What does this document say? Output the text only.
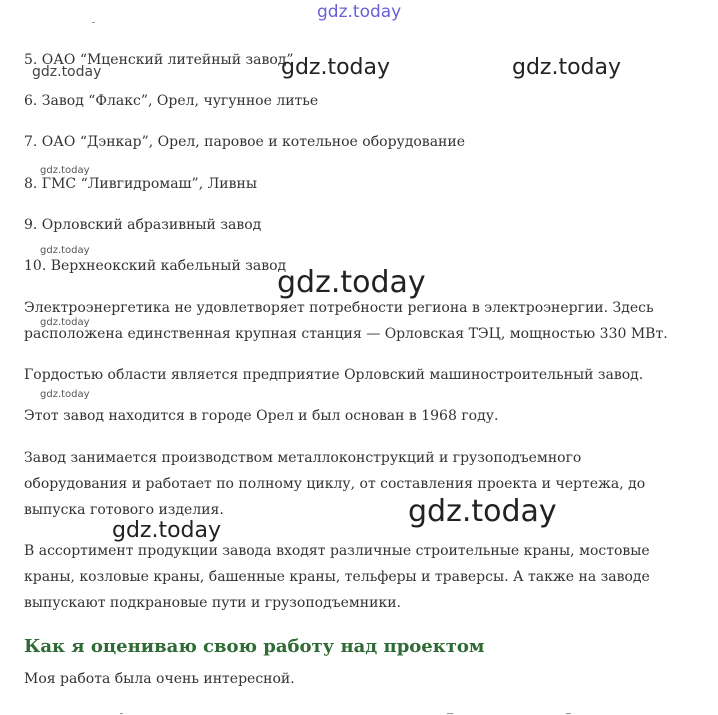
gdz.today
5. ОАО “Мценский литейный завод”
6. Завод “Флакс”, Орел, чугунное литье
7. ОАО “Дэнкар”, Орел, паровое и котельное оборудование
8. ГМС “Ливгидромаш”, Ливны
9. Орловский абразивный завод
10. Верхнеокский кабельный завод
Электроэнергетика не удовлетворяет потребности региона в электроэнергии. Здесь расположена единственная крупная станция — Орловская ТЭЦ, мощностью 330 МВт.
Гордостью области является предприятие Орловский машиностроительный завод.
Этот завод находится в городе Орел и был основан в 1968 году.
Завод занимается производством металлоконструкций и грузоподъемного оборудования и работает по полному циклу, от составления проекта и чертежа, до выпуска готового изделия.
В ассортимент продукции завода входят различные строительные краны, мостовые краны, козловые краны, башенные краны, тельферы и траверсы. А также на заводе выпускают подкрановые пути и грузоподъемники.
Как я оцениваю свою работу над проектом
Моя работа была очень интересной.
gdz.today	gdz.today	gdz.today
gdz.today
gdz.today
gdz.today
gdz.today
gdz.today
gdz.today
gdz.today
